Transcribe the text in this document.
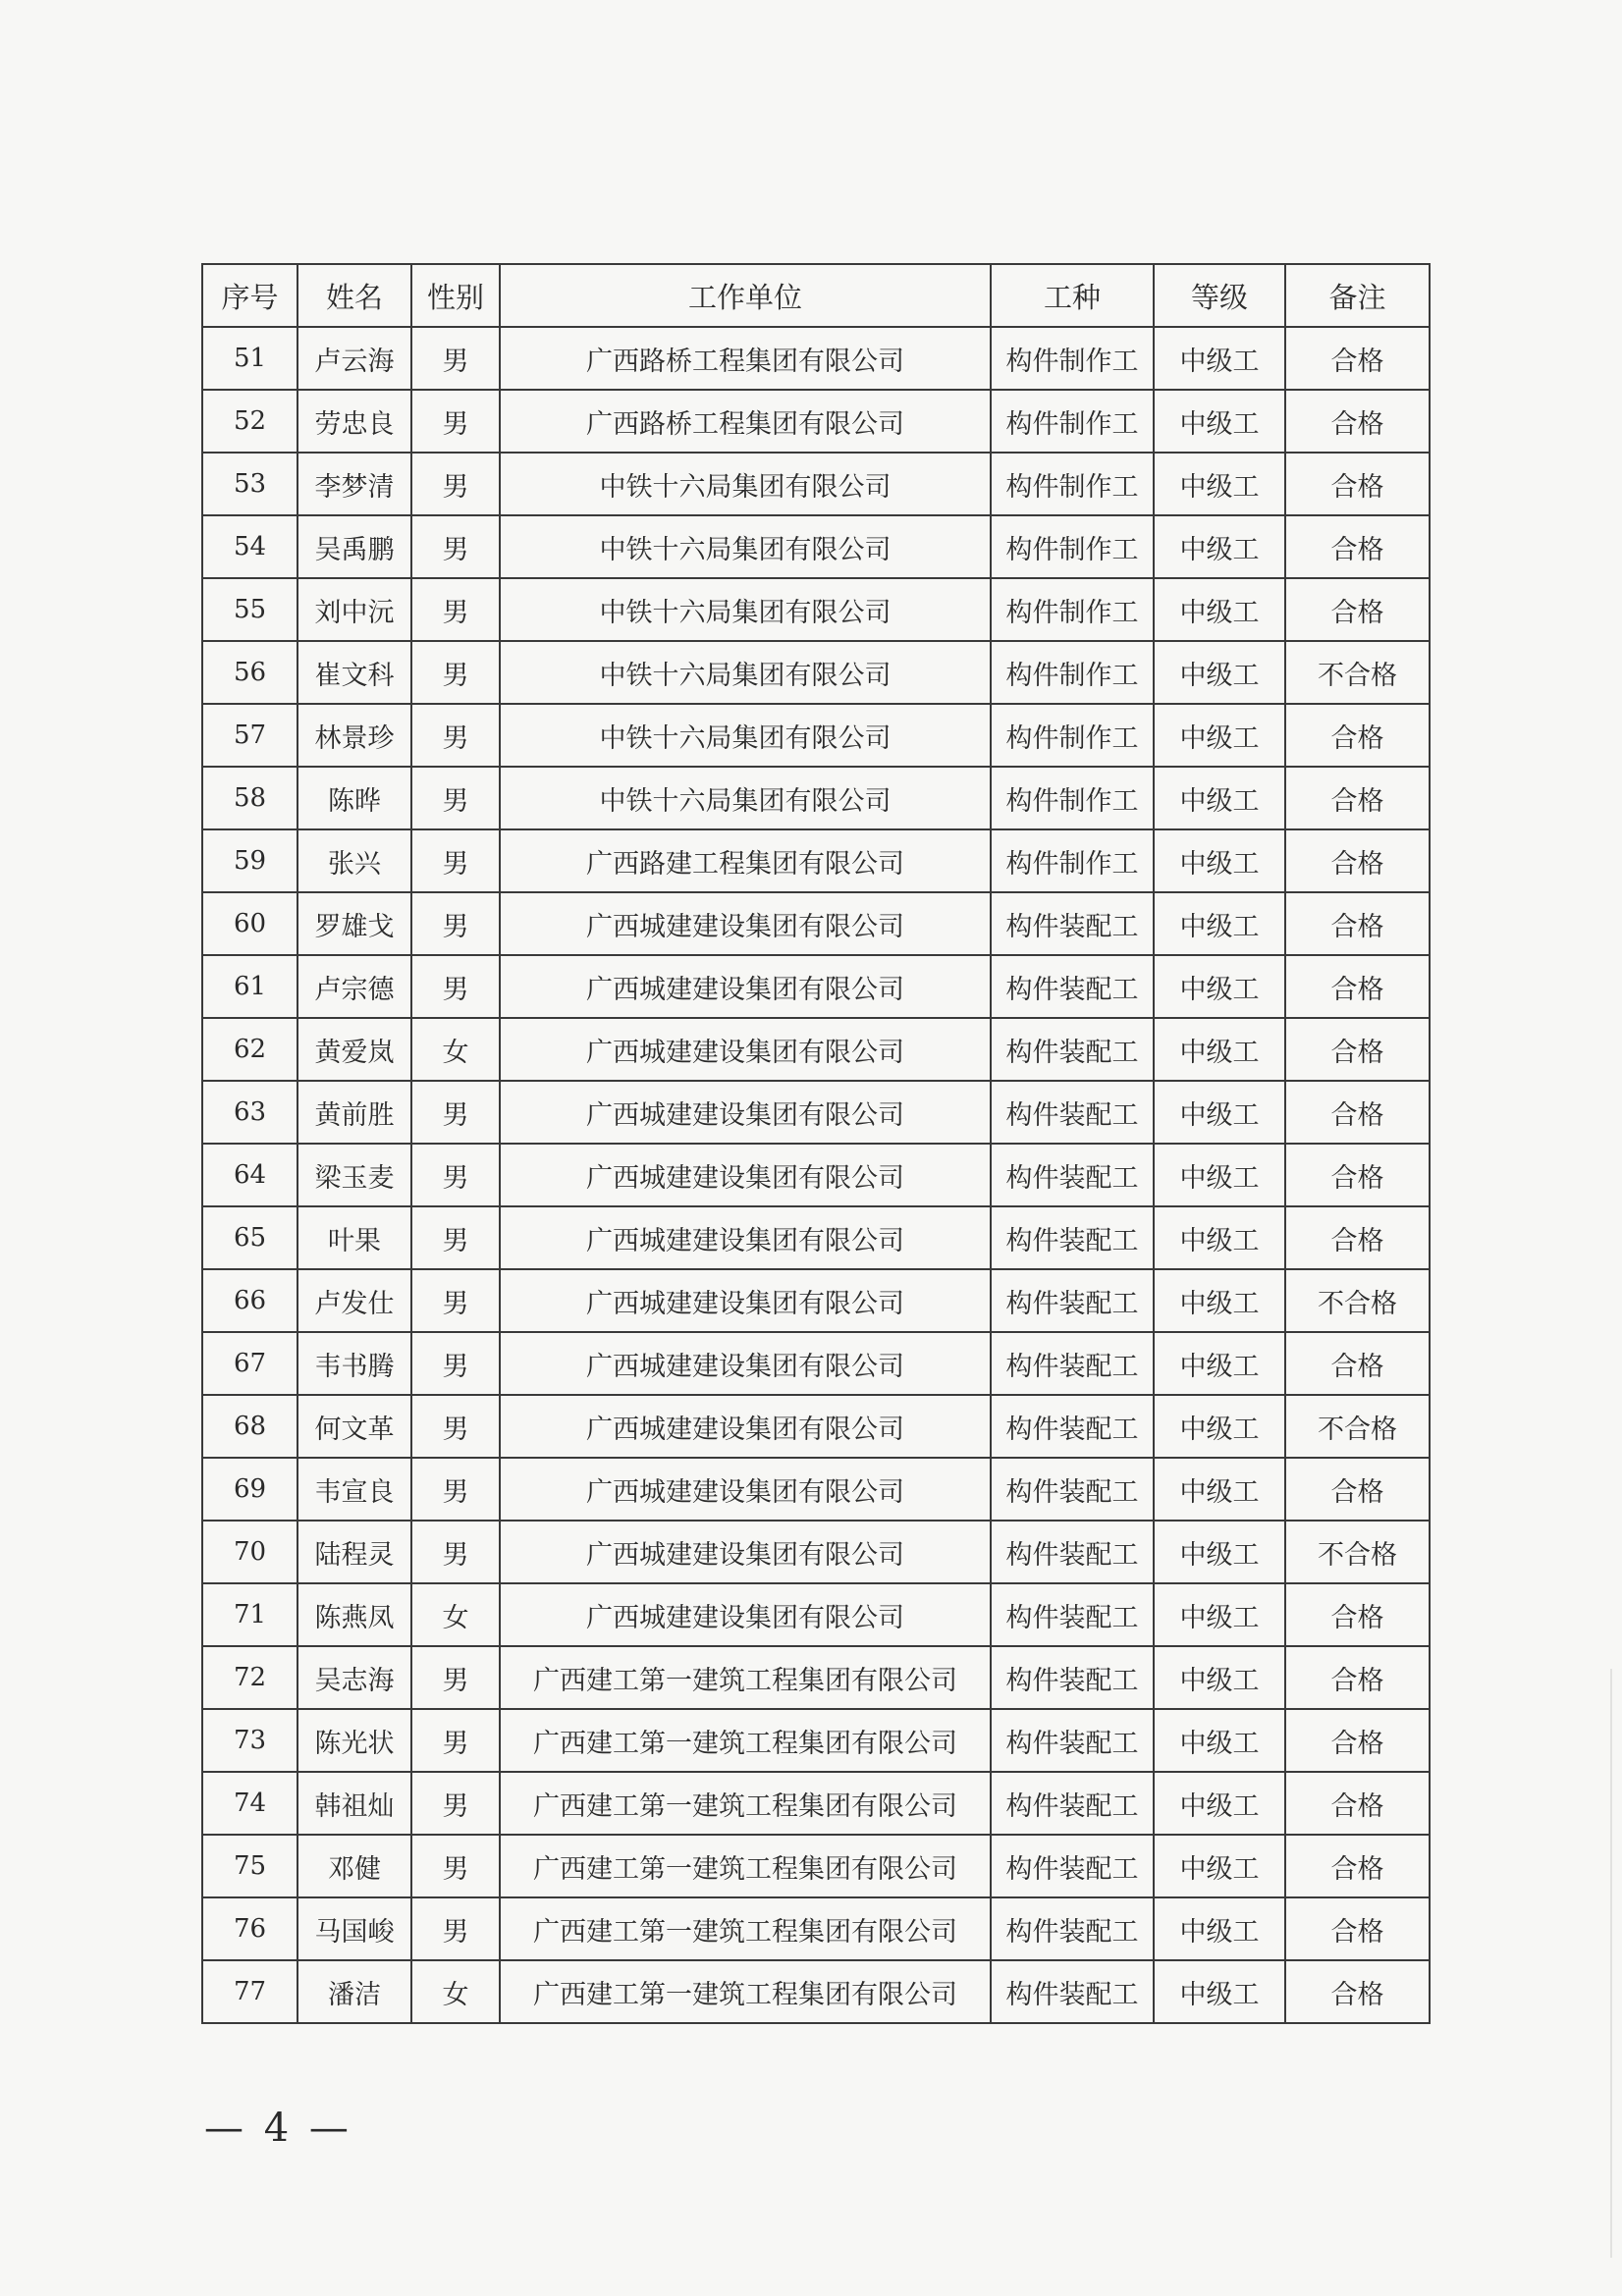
序号	姓名	性别	工作单位	工种	等级	备注
51	卢云海	男	广西路桥工程集团有限公司	构件制作工	中级工	合格
52	劳忠良	男	广西路桥工程集团有限公司	构件制作工	中级工	合格
53	李梦清	男	中铁十六局集团有限公司	构件制作工	中级工	合格
54	吴禹鹏	男	中铁十六局集团有限公司	构件制作工	中级工	合格
55	刘中沅	男	中铁十六局集团有限公司	构件制作工	中级工	合格
56	崔文科	男	中铁十六局集团有限公司	构件制作工	中级工	不合格
57	林景珍	男	中铁十六局集团有限公司	构件制作工	中级工	合格
58	陈晔	男	中铁十六局集团有限公司	构件制作工	中级工	合格
59	张兴	男	广西路建工程集团有限公司	构件制作工	中级工	合格
60	罗雄戈	男	广西城建建设集团有限公司	构件装配工	中级工	合格
61	卢宗德	男	广西城建建设集团有限公司	构件装配工	中级工	合格
62	黄爱岚	女	广西城建建设集团有限公司	构件装配工	中级工	合格
63	黄前胜	男	广西城建建设集团有限公司	构件装配工	中级工	合格
64	梁玉麦	男	广西城建建设集团有限公司	构件装配工	中级工	合格
65	叶果	男	广西城建建设集团有限公司	构件装配工	中级工	合格
66	卢发仕	男	广西城建建设集团有限公司	构件装配工	中级工	不合格
67	韦书腾	男	广西城建建设集团有限公司	构件装配工	中级工	合格
68	何文革	男	广西城建建设集团有限公司	构件装配工	中级工	不合格
69	韦宣良	男	广西城建建设集团有限公司	构件装配工	中级工	合格
70	陆程灵	男	广西城建建设集团有限公司	构件装配工	中级工	不合格
71	陈燕凤	女	广西城建建设集团有限公司	构件装配工	中级工	合格
72	吴志海	男	广西建工第一建筑工程集团有限公司	构件装配工	中级工	合格
73	陈光状	男	广西建工第一建筑工程集团有限公司	构件装配工	中级工	合格
74	韩祖灿	男	广西建工第一建筑工程集团有限公司	构件装配工	中级工	合格
75	邓健	男	广西建工第一建筑工程集团有限公司	构件装配工	中级工	合格
76	马国峻	男	广西建工第一建筑工程集团有限公司	构件装配工	中级工	合格
77	潘洁	女	广西建工第一建筑工程集团有限公司	构件装配工	中级工	合格
— 4 —
